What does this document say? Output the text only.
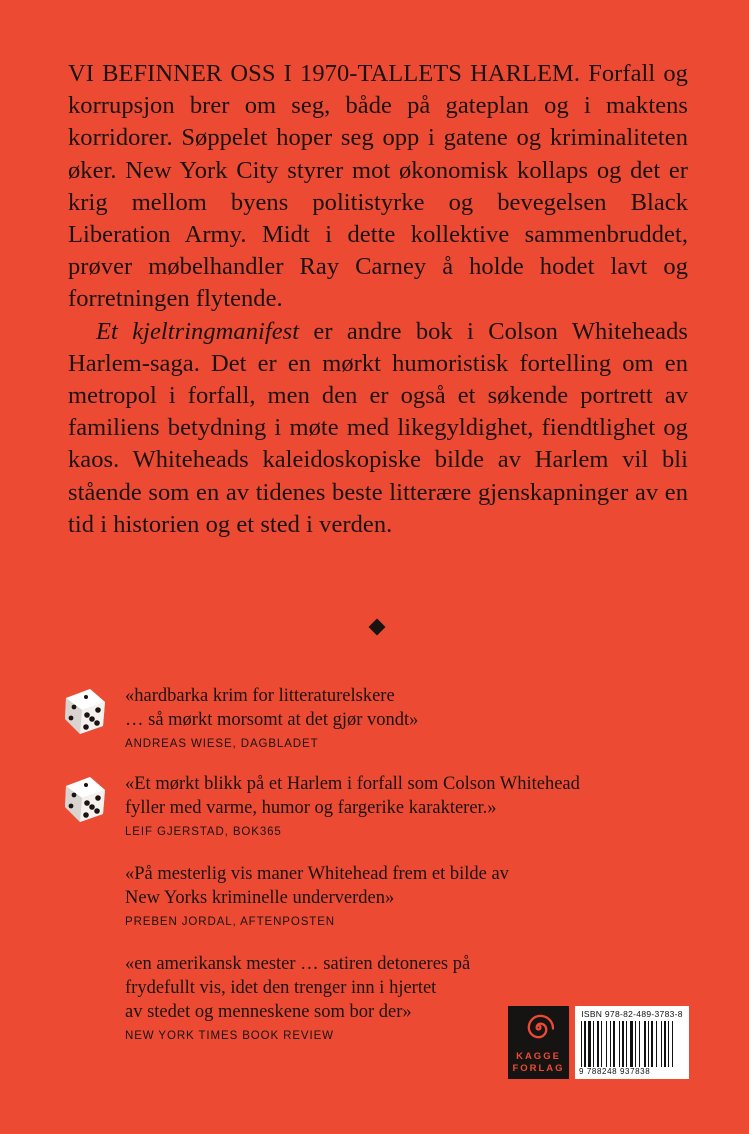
VI BEFINNER OSS I 1970-TALLETS HARLEM. Forfall og korrupsjon brer om seg, både på gateplan og i maktens korridorer. Søppelet hoper seg opp i gatene og kriminaliteten øker. New York City styrer mot økonomisk kollaps og det er krig mellom byens politistyrke og bevegelsen Black Liberation Army. Midt i dette kollektive sammenbruddet, prøver møbelhandler Ray Carney å holde hodet lavt og forretningen flytende.

Et kjeltringmanifest er andre bok i Colson Whiteheads Harlem-saga. Det er en mørkt humoristisk fortelling om en metropol i forfall, men den er også et søkende portrett av familiens betydning i møte med likegyldighet, fiendtlighet og kaos. Whiteheads kaleidoskopiske bilde av Harlem vil bli stående som en av tidenes beste litterære gjenskapninger av en tid i historien og et sted i verden.

«hardbarka krim for litteraturelskere
… så mørkt morsomt at det gjør vondt»
ANDREAS WIESE, DAGBLADET
«Et mørkt blikk på et Harlem i forfall som Colson Whitehead
fyller med varme, humor og fargerike karakterer.»
LEIF GJERSTAD, BOK365
«På mesterlig vis maner Whitehead frem et bilde av
New Yorks kriminelle underverden»
PREBEN JORDAL, AFTENPOSTEN
«en amerikansk mester … satiren detoneres på
frydefullt vis, idet den trenger inn i hjertet
av stedet og menneskene som bor der»
NEW YORK TIMES BOOK REVIEW
KAGGE
FORLAG
ISBN 978-82-489-3783-8
9 788248 937838
